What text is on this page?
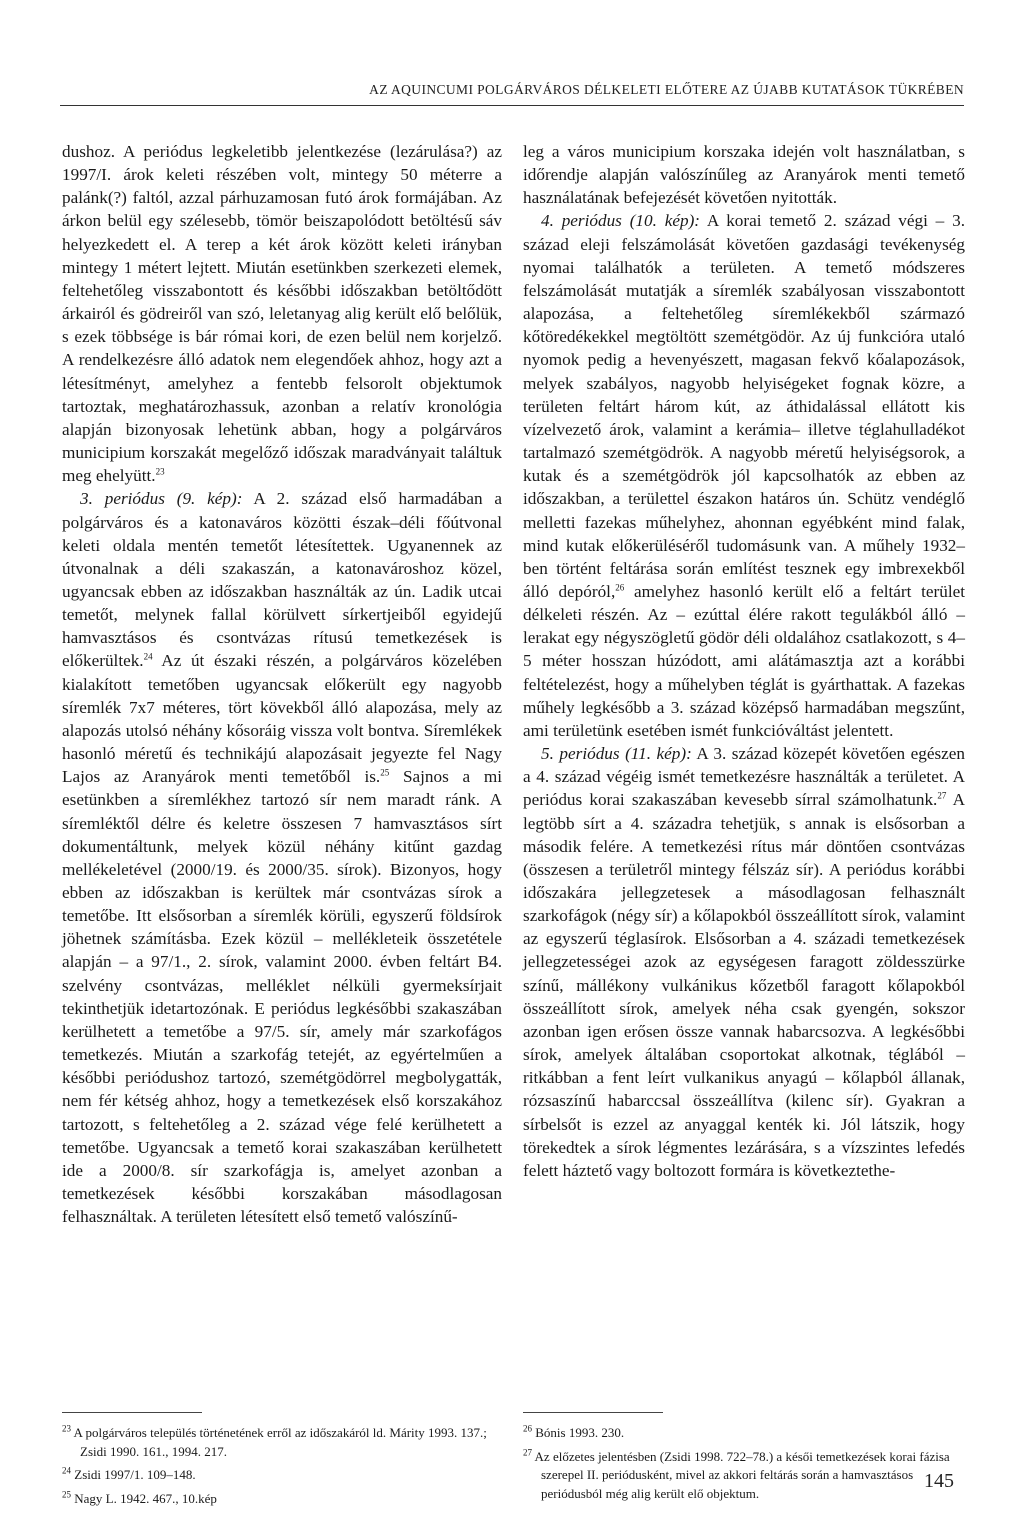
AZ AQUINCUMI POLGÁRVÁROS DÉLKELETI ELŐTERE AZ ÚJABB KUTATÁSOK TÜKRÉBEN

dushoz. A periódus legkeletibb jelentkezése (lezárulása?) az 1997/I. árok keleti részében volt, mintegy 50 méterre a palánk(?) faltól, azzal párhuzamosan futó árok formájában. Az árkon belül egy szélesebb, tömör beiszapolódott betöltésű sáv helyezkedett el. A terep a két árok között keleti irányban mintegy 1 métert lejtett. Miután esetünkben szerkezeti elemek, feltehetőleg visszabontott és későbbi időszakban betöltődött árkairól és gödreiről van szó, leletanyag alig került elő belőlük, s ezek többsége is bár római kori, de ezen belül nem korjelző. A rendelkezésre álló adatok nem elegendőek ahhoz, hogy azt a létesítményt, amelyhez a fentebb felsorolt objektumok tartoztak, meghatározhassuk, azonban a relatív kronológia alapján bizonyosak lehetünk abban, hogy a polgárváros municipium korszakát megelőző időszak maradványait találtuk meg ehelyütt.$^{23}$

3. periódus (9. kép): A 2. század első harmadában a polgárváros és a katonaváros közötti észak–déli főútvonal keleti oldala mentén temetőt létesítettek. Ugyanennek az útvonalnak a déli szakaszán, a katonavároshoz közel, ugyancsak ebben az időszakban használták az ún. Ladik utcai temetőt, melynek fallal körülvett sírkertjeiből egyidejű hamvasztásos és csontvázas rítusú temetkezések is előkerültek.$^{24}$ Az út északi részén, a polgárváros közelében kialakított temetőben ugyancsak előkerült egy nagyobb síremlék 7x7 méteres, tört kövekből álló alapozása, mely az alapozás utolsó néhány kősoráig vissza volt bontva. Síremlékek hasonló méretű és technikájú alapozásait jegyezte fel Nagy Lajos az Aranyárok menti temetőből is.$^{25}$ Sajnos a mi esetünkben a síremlékhez tartozó sír nem maradt ránk. A síremléktől délre és keletre összesen 7 hamvasztásos sírt dokumentáltunk, melyek közül néhány kitűnt gazdag mellékeletével (2000/19. és 2000/35. sírok). Bizonyos, hogy ebben az időszakban is kerültek már csontvázas sírok a temetőbe. Itt elsősorban a síremlék körüli, egyszerű földsírok jöhetnek számításba. Ezek közül – mellékleteik összetétele alapján – a 97/1., 2. sírok, valamint 2000. évben feltárt B4. szelvény csontvázas, melléklet nélküli gyermeksírjait tekinthetjük idetartozónak. E periódus legkésőbbi szakaszában kerülhetett a temetőbe a 97/5. sír, amely már szarkofágos temetkezés. Miután a szarkofág tetejét, az egyértelműen a későbbi periódushoz tartozó, szemétgödörrel megbolygatták, nem fér kétség ahhoz, hogy a temetkezések első korszakához tartozott, s feltehetőleg a 2. század vége felé kerülhetett a temetőbe. Ugyancsak a temető korai szakaszában kerülhetett ide a 2000/8. sír szarkofágja is, amelyet azonban a temetkezések későbbi korszakában másodlagosan felhasználtak. A területen létesített első temető valószínű-

leg a város municipium korszaka idején volt használatban, s időrendje alapján valószínűleg az Aranyárok menti temető használatának befejezését követően nyitották.

4. periódus (10. kép): A korai temető 2. század végi – 3. század eleji felszámolását követően gazdasági tevékenység nyomai találhatók a területen. A temető módszeres felszámolását mutatják a síremlék szabályosan visszabontott alapozása, a feltehetőleg síremlékekből származó kőtöredékekkel megtöltött szemétgödör. Az új funkcióra utaló nyomok pedig a hevenyészett, magasan fekvő kőalapozások, melyek szabályos, nagyobb helyiségeket fognak közre, a területen feltárt három kút, az áthidalással ellátott kis vízelvezető árok, valamint a kerámia– illetve téglahulladékot tartalmazó szemétgödrök. A nagyobb méretű helyiségsorok, a kutak és a szemétgödrök jól kapcsolhatók az ebben az időszakban, a területtel északon határos ún. Schütz vendéglő melletti fazekas műhelyhez, ahonnan egyébként mind falak, mind kutak előkerüléséről tudomásunk van. A műhely 1932–ben történt feltárása során említést tesznek egy imbrexekből álló depóról,$^{26}$ amelyhez hasonló került elő a feltárt terület délkeleti részén. Az – ezúttal élére rakott tegulákból álló – lerakat egy négyszögletű gödör déli oldalához csatlakozott, s 4–5 méter hosszan húzódott, ami alátámasztja azt a korábbi feltételezést, hogy a műhelyben téglát is gyárthattak. A fazekas műhely legkésőbb a 3. század középső harmadában megszűnt, ami területünk esetében ismét funkcióváltást jelentett.

5. periódus (11. kép): A 3. század közepét követően egészen a 4. század végéig ismét temetkezésre használták a területet. A periódus korai szakaszában kevesebb sírral számolhatunk.$^{27}$ A legtöbb sírt a 4. századra tehetjük, s annak is elsősorban a második felére. A temetkezési rítus már döntően csontvázas (összesen a területről mintegy félszáz sír). A periódus korábbi időszakára jellegzetesek a másodlagosan felhasznált szarkofágok (négy sír) a kőlapokból összeállított sírok, valamint az egyszerű téglasírok. Elsősorban a 4. századi temetkezések jellegzetességei azok az egységesen faragott zöldesszürke színű, mállékony vulkánikus kőzetből faragott kőlapokból összeállított sírok, amelyek néha csak gyengén, sokszor azonban igen erősen össze vannak habarcsozva. A legkésőbbi sírok, amelyek általában csoportokat alkotnak, téglából – ritkábban a fent leírt vulkanikus anyagú – kőlapból állanak, rózsaszínű habarccsal összeállítva (kilenc sír). Gyakran a sírbelsőt is ezzel az anyaggal kenték ki. Jól látszik, hogy törekedtek a sírok légmentes lezárására, s a vízszintes lefedés felett háztető vagy boltozott formára is következtethe-

$^{23}$ A polgárváros település történetének erről az időszakáról ld. Márity 1993. 137.; Zsidi 1990. 161., 1994. 217.

$^{24}$ Zsidi 1997/1. 109–148.

$^{25}$ Nagy L. 1942. 467., 10.kép

$^{26}$ Bónis 1993. 230.

$^{27}$ Az előzetes jelentésben (Zsidi 1998. 722–78.) a késői temetkezések korai fázisa szerepel II. periódusként, mivel az akkori feltárás során a hamvasztásos periódusból még alig került elő objektum.

145
